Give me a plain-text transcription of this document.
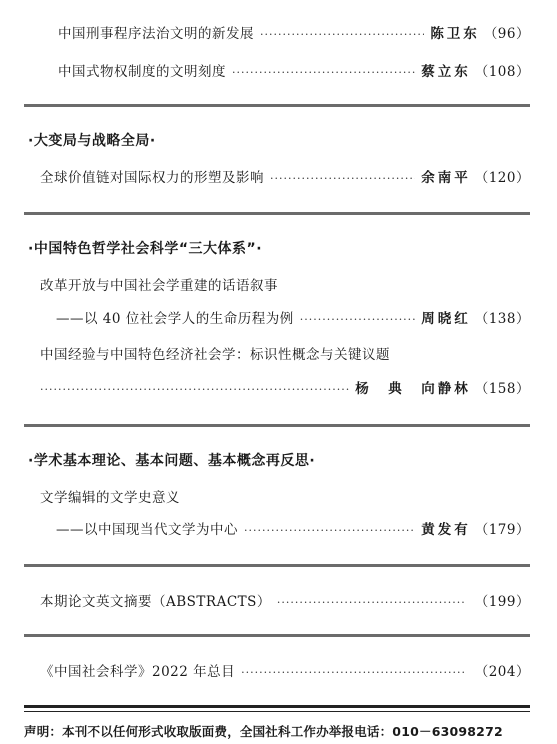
中国刑事程序法治文明的新发展 ·····	陈卫东 （96）
中国式物权制度的文明刻度 ·····	蔡立东 （108）
·大变局与战略全局·
全球价值链对国际权力的形塑及影响 ·····	余南平 （120）
·中国特色哲学社会科学“三大体系”·
改革开放与中国社会学重建的话语叙事
——以 40 位社会学人的生命历程为例 ·····	周晓红 （138）
中国经验与中国特色经济社会学：标识性概念与关键议题
·····
杨　典　向静林 （158）
·学术基本理论、基本问题、基本概念再反思·
文学编辑的文学史意义
——以中国现当代文学为中心 ·····	黄发有 （179）
本期论文英文摘要（ABSTRACTS） ·····	（199）
《中国社会科学》2022 年总目 ·····	（204）
声明：本刊不以任何形式收取版面费，全国社科工作办举报电话：010－63098272
